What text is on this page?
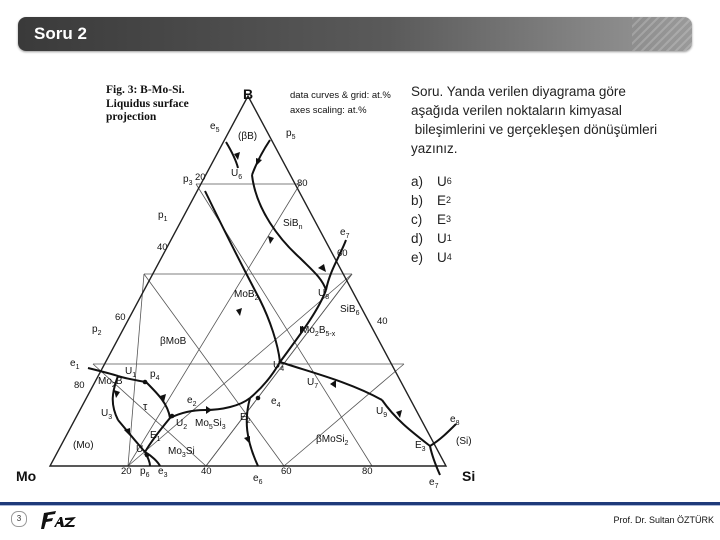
Soru 2
Fig. 3: B-Mo-Si.
Liquidus surface
projection
data curves & grid: at.%
axes scaling: at.%
B
Mo	Si
80
60
40
20
80
60
40
20	40	60	80
(βB)
SiB$_n$
MoB$_2$
SiB$_6$
$Mo_2B_{5-x}$
βMoB
$Mo_2B$
τ
$Mo_5Si_3$
$Mo_3Si$
(Mo)
βMoSi$_2$	(Si)
$e_5$	$p_5$
$U_6$
$p_3$
$p_1$
$e_7$
$U_8$
$p_2$
$e_1$	$U_1$ $p_4$
$U_3$
$e_2$
$U_2$
$E_1$
$U_5$
$p_6$ $e_3$
$U_4$
$U_7$
$e_4$
$E_2$
$U_9$	$e_8$
$E_3$
$e_6$	$e_7$
Soru. Yanda verilen diyagrama göre
aşağıda verilen noktaların kimyasal
bileşimlerini ve gerçekleşen dönüşümleri
yazınız.
a)	U 6
b)	E 2
c)	E 3
d)	U 1
e)	U 4
3	Prof. Dr. Sultan ÖZTÜRK
